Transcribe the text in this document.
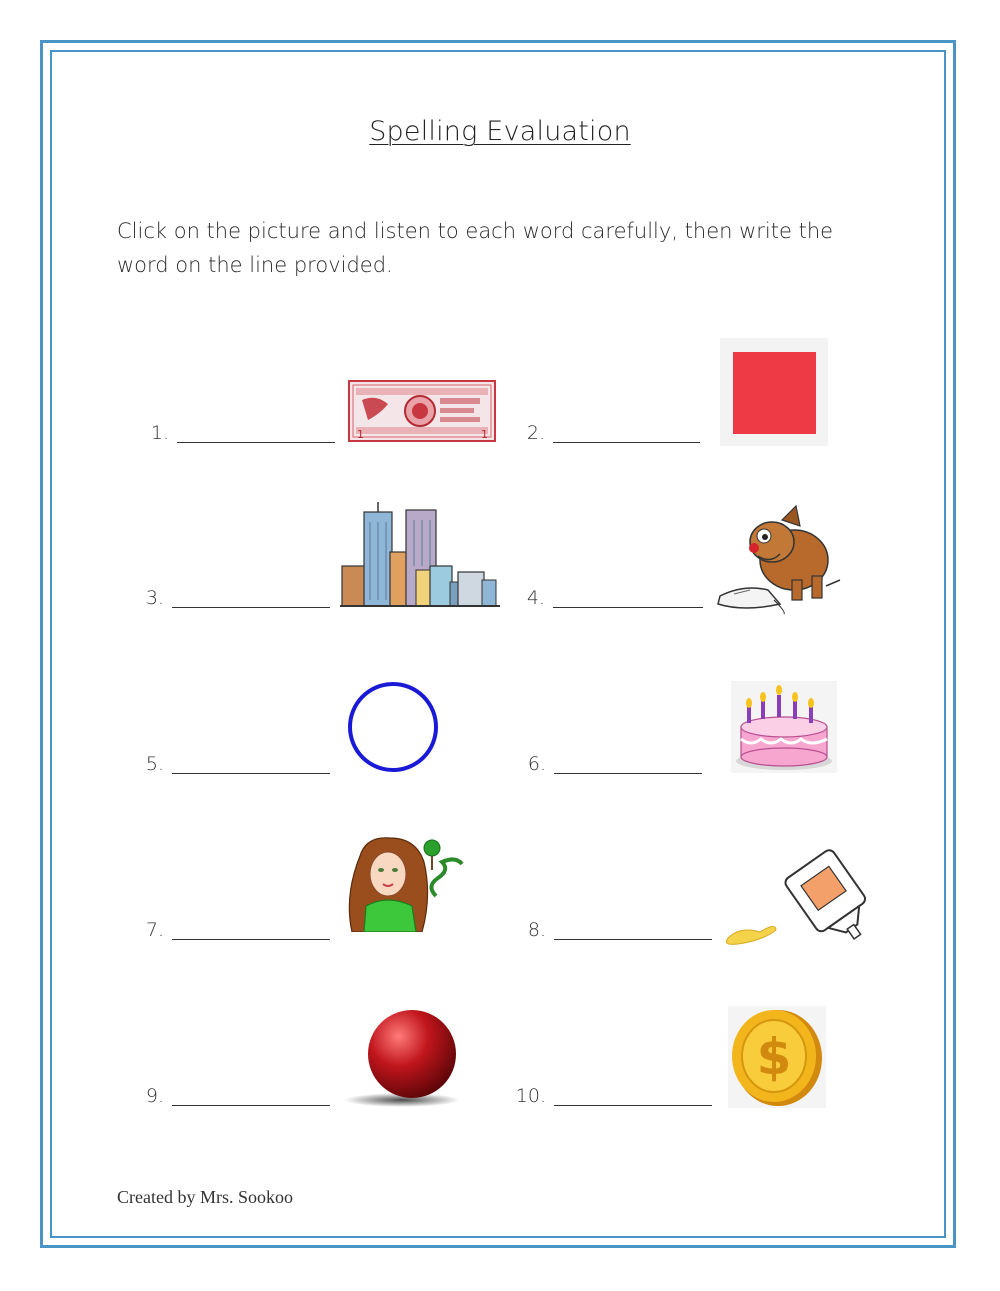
Spelling Evaluation
Click on the picture and listen to each word carefully, then write the word on the line provided.
1.	1	1 2.
3.	4.
5.	6.
7.	8.
9.	10.
$
Created by Mrs. Sookoo
